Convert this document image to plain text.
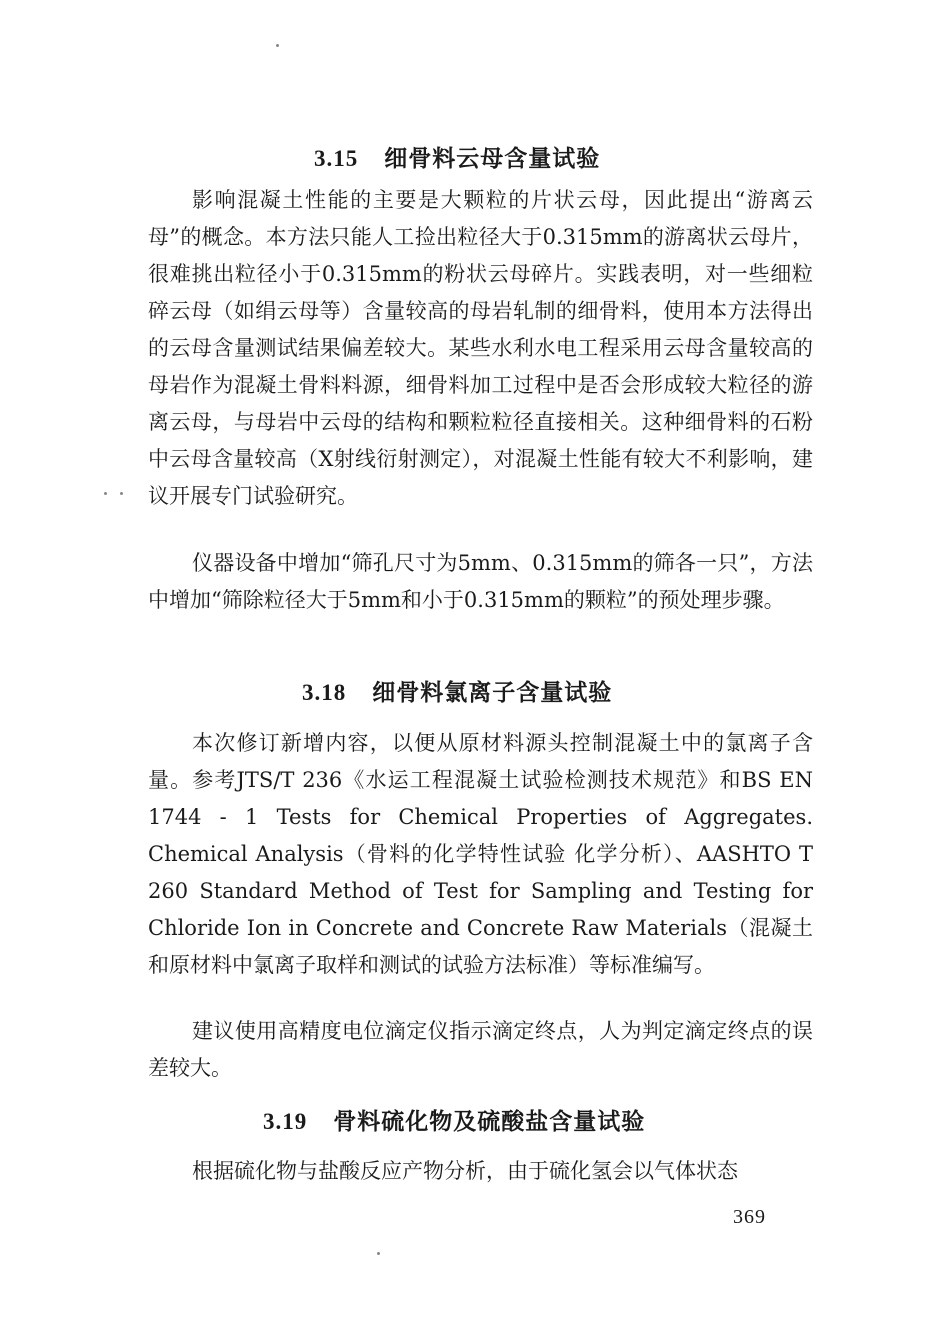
3.15 细骨料云母含量试验

影响混凝土性能的主要是大颗粒的片状云母，因此提出“游离云母”的概念。本方法只能人工捡出粒径大于0.315mm的游离状云母片，很难挑出粒径小于0.315mm的粉状云母碎片。实践表明，对一些细粒碎云母（如绢云母等）含量较高的母岩轧制的细骨料，使用本方法得出的云母含量测试结果偏差较大。某些水利水电工程采用云母含量较高的母岩作为混凝土骨料料源，细骨料加工过程中是否会形成较大粒径的游离云母，与母岩中云母的结构和颗粒粒径直接相关。这种细骨料的石粉中云母含量较高（X射线衍射测定），对混凝土性能有较大不利影响，建议开展专门试验研究。

仪器设备中增加“筛孔尺寸为5mm、0.315mm的筛各一只”，方法中增加“筛除粒径大于5mm和小于0.315mm的颗粒”的预处理步骤。

3.18 细骨料氯离子含量试验

本次修订新增内容，以便从原材料源头控制混凝土中的氯离子含量。参考JTS/T 236《水运工程混凝土试验检测技术规范》和BS EN 1744 - 1 Tests for Chemical Properties of Aggregates. Chemical Analysis（骨料的化学特性试验 化学分析）、AASHTO T 260 Standard Method of Test for Sampling and Testing for Chloride Ion in Concrete and Concrete Raw Materials（混凝土和原材料中氯离子取样和测试的试验方法标准）等标准编写。

建议使用高精度电位滴定仪指示滴定终点，人为判定滴定终点的误差较大。

3.19 骨料硫化物及硫酸盐含量试验

根据硫化物与盐酸反应产物分析，由于硫化氢会以气体状态

369
